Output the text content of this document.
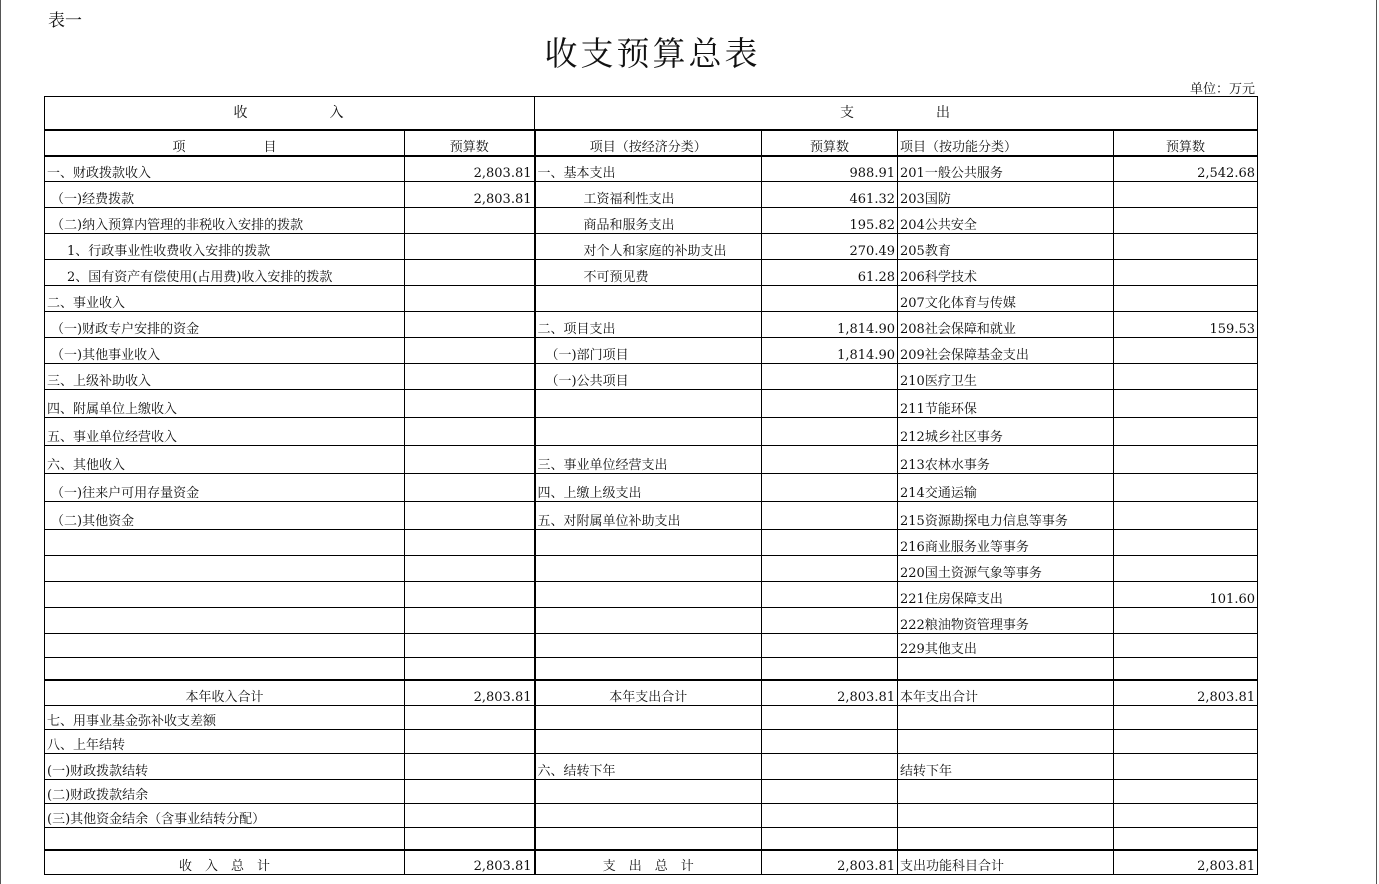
表一
收支预算总表
单位：万元
收　　　　　入		支　　　　　出			
项　　　　　　目	预算数	项目（按经济分类）	预算数	项目（按功能分类）	预算数
一、财政拨款收入	2,803.81	一、基本支出	988.91	201一般公共服务	2,542.68
（一)经费拨款	2,803.81	工资福利性支出	461.32	203国防	
（二)纳入预算内管理的非税收入安排的拨款		商品和服务支出	195.82	204公共安全	
1、行政事业性收费收入安排的拨款		对个人和家庭的补助支出	270.49	205教育	
2、国有资产有偿使用(占用费)收入安排的拨款		不可预见费	61.28	206科学技术	
二、事业收入				207文化体育与传媒	
（一)财政专户安排的资金		二、项目支出	1,814.90	208社会保障和就业	159.53
（一)其他事业收入		（一)部门项目	1,814.90	209社会保障基金支出	
三、上级补助收入		（一)公共项目		210医疗卫生	
四、附属单位上缴收入				211节能环保	
五、事业单位经营收入				212城乡社区事务	
六、其他收入		三、事业单位经营支出		213农林水事务	
（一)往来户可用存量资金		四、上缴上级支出		214交通运输	
（二)其他资金		五、对附属单位补助支出		215资源勘探电力信息等事务	
				216商业服务业等事务	
				220国土资源气象等事务	
				221住房保障支出	101.60
				222粮油物资管理事务	
				229其他支出	

本年收入合计	2,803.81	本年支出合计	2,803.81	本年支出合计	2,803.81
七、用事业基金弥补收支差额					
八、上年结转					
(一)财政拨款结转		六、结转下年		结转下年	
(二)财政拨款结余					
(三)其他资金结余（含事业结转分配）					

收　入　总　计	2,803.81	支　出　总　计	2,803.81	支出功能科目合计	2,803.81
